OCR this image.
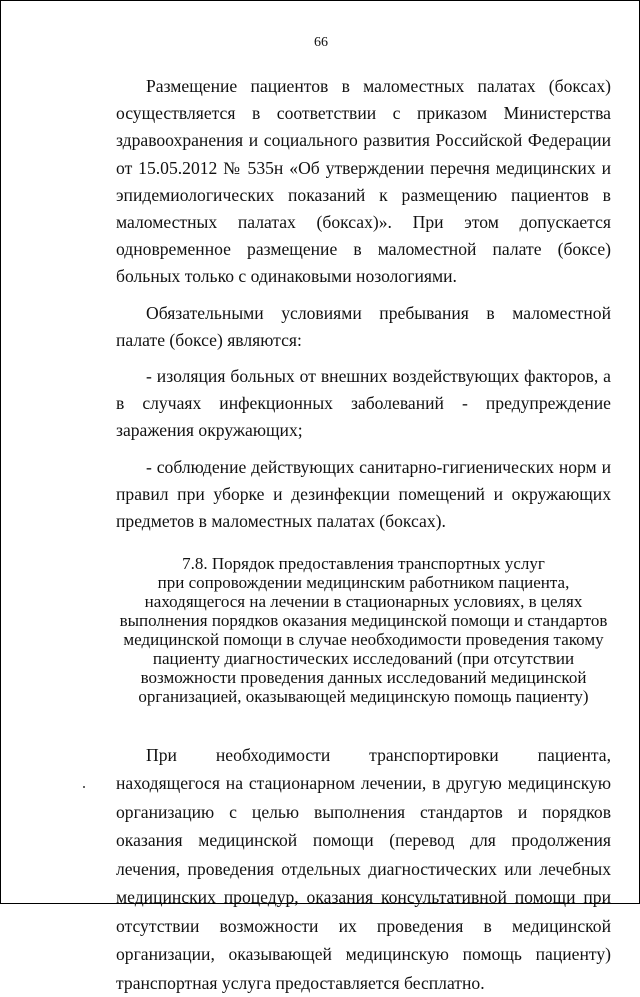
66

Размещение пациентов в маломестных палатах (боксах) осуществляется в соответствии с приказом Министерства здравоохранения и социального развития Российской Федерации от 15.05.2012 № 535н «Об утверждении перечня медицинских и эпидемиологических показаний к размещению пациентов в маломестных палатах (боксах)». При этом допускается одновременное размещение в маломестной палате (боксе) больных только с одинаковыми нозологиями.

Обязательными условиями пребывания в маломестной палате (боксе) являются:

- изоляция больных от внешних воздействующих факторов, а в случаях инфекционных заболеваний - предупреждение заражения окружающих;

- соблюдение действующих санитарно-гигиенических норм и правил при уборке и дезинфекции помещений и окружающих предметов в маломестных палатах (боксах).

7.8. Порядок предоставления транспортных услуг
при сопровождении медицинским работником пациента,
находящегося на лечении в стационарных условиях, в целях
выполнения порядков оказания медицинской помощи и стандартов
медицинской помощи в случае необходимости проведения такому
пациенту диагностических исследований (при отсутствии
возможности проведения данных исследований медицинской
организацией, оказывающей медицинскую помощь пациенту)

При необходимости транспортировки пациента, находящегося на стационарном лечении, в другую медицинскую организацию с целью выполнения стандартов и порядков оказания медицинской помощи (перевод для продолжения лечения, проведения отдельных диагностических или лечебных медицинских процедур, оказания консультативной помощи при отсутствии возможности их проведения в медицинской организации, оказывающей медицинскую помощь пациенту) транспортная услуга предоставляется бесплатно.
